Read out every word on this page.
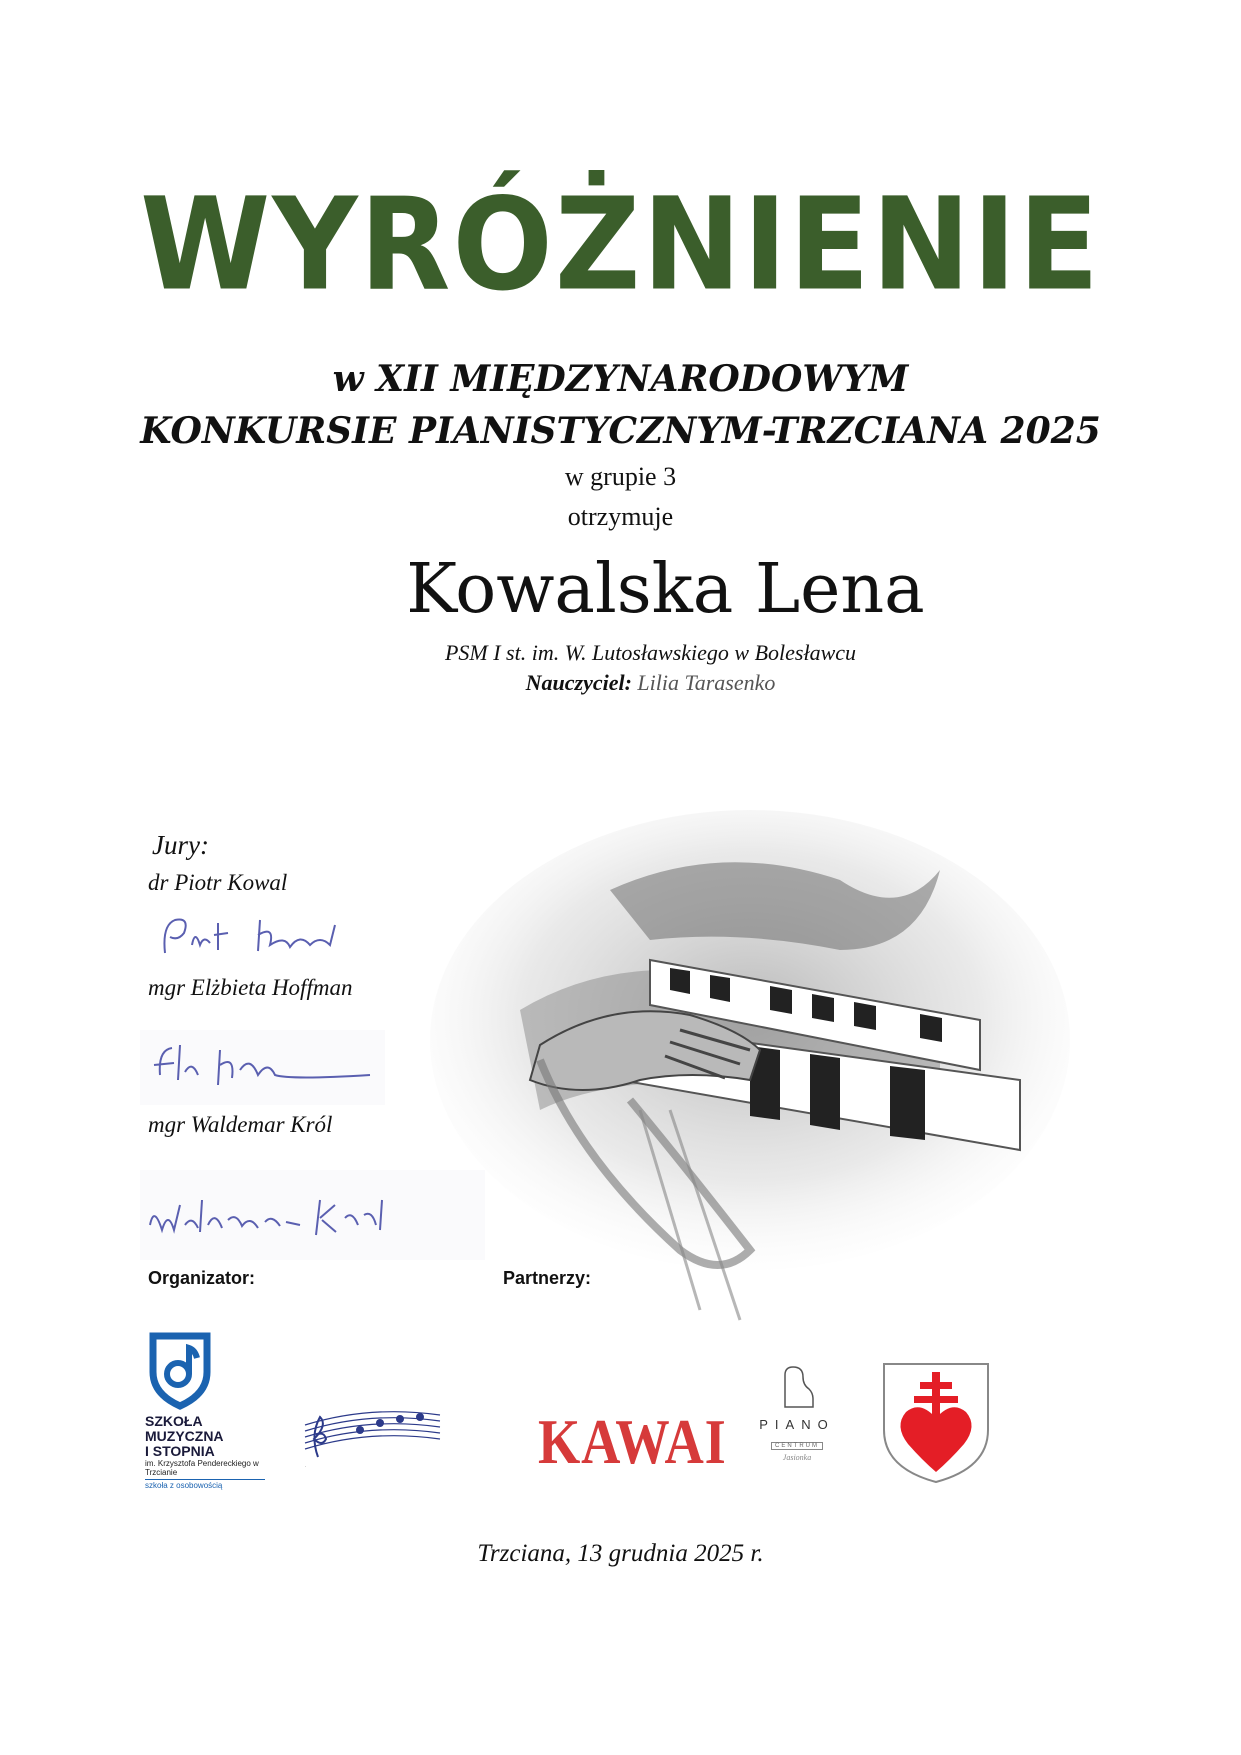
WYRÓŻNIENIE
w XII MIĘDZYNARODOWYM
KONKURSIE PIANISTYCZNYM-TRZCIANA 2025
w grupie 3
otrzymuje
Kowalska Lena
PSM I st. im. W. Lutosławskiego w Bolesławcu
Nauczyciel: Lilia Tarasenko
Jury:
dr Piotr Kowal
mgr Elżbieta Hoffman
mgr Waldemar Król
Organizator:	Partnerzy:
SZKOŁA
MUZYCZNA
I STOPNIA
im. Krzysztofa Pendereckiego w Trzcianie
szkoła z osobowością
.	KAWAI	PIANO
CENTRUM
Jasionka
Trzciana, 13 grudnia 2025 r.
